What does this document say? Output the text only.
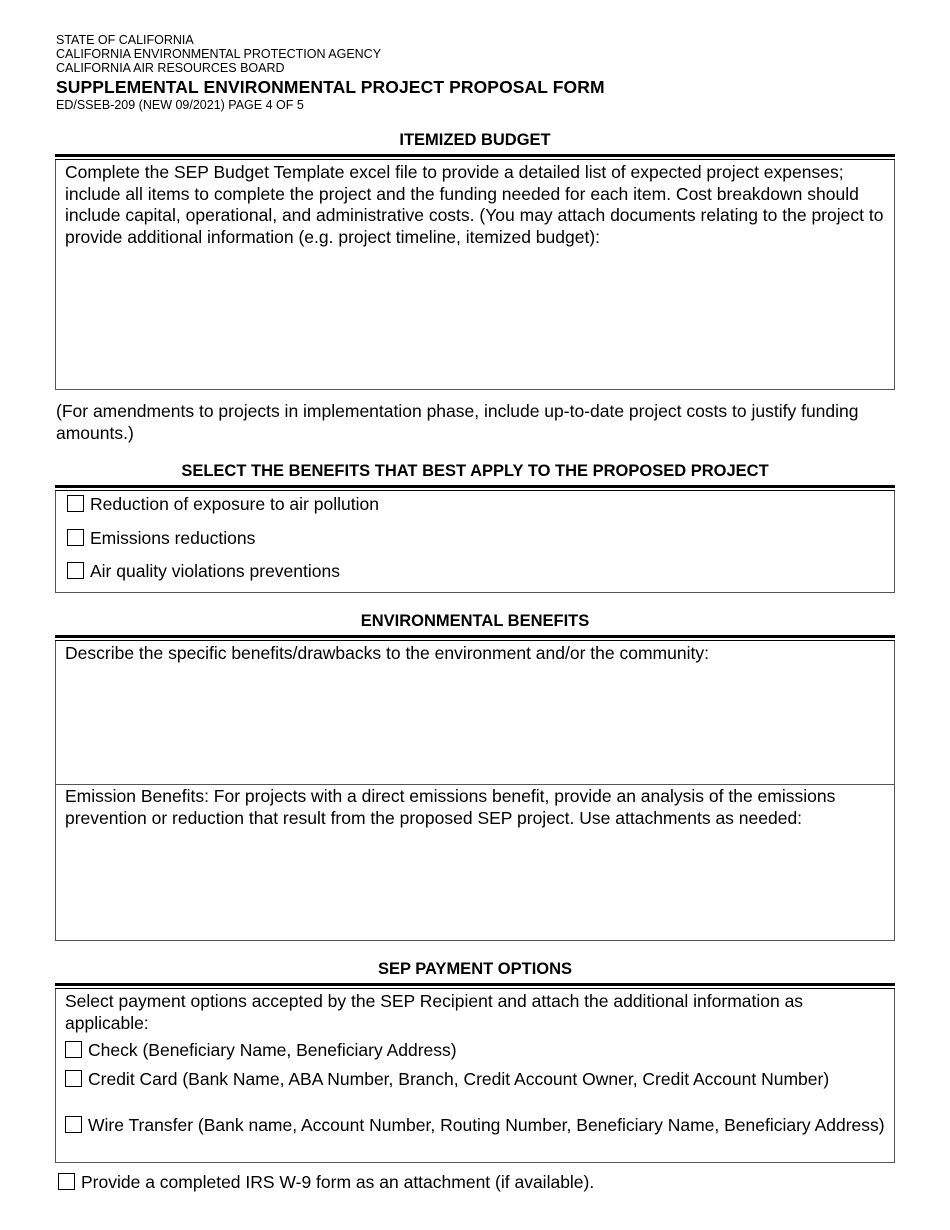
STATE OF CALIFORNIA
CALIFORNIA ENVIRONMENTAL PROTECTION AGENCY
CALIFORNIA AIR RESOURCES BOARD
SUPPLEMENTAL ENVIRONMENTAL PROJECT PROPOSAL FORM
ED/SSEB-209 (NEW 09/2021) PAGE 4 OF 5
ITEMIZED BUDGET
Complete the SEP Budget Template excel file to provide a detailed list of expected project expenses; include all items to complete the project and the funding needed for each item. Cost breakdown should include capital, operational, and administrative costs. (You may attach documents relating to the project to provide additional information (e.g. project timeline, itemized budget):
(For amendments to projects in implementation phase, include up-to-date project costs to justify funding amounts.)
SELECT THE BENEFITS THAT BEST APPLY TO THE PROPOSED PROJECT
Reduction of exposure to air pollution
Emissions reductions
Air quality violations preventions
ENVIRONMENTAL BENEFITS
Describe the specific benefits/drawbacks to the environment and/or the community:
Emission Benefits: For projects with a direct emissions benefit, provide an analysis of the emissions prevention or reduction that result from the proposed SEP project. Use attachments as needed:
SEP PAYMENT OPTIONS
Select payment options accepted by the SEP Recipient and attach the additional information as applicable:
Check (Beneficiary Name, Beneficiary Address)
Credit Card (Bank Name, ABA Number, Branch, Credit Account Owner, Credit Account Number)
Wire Transfer (Bank name, Account Number, Routing Number, Beneficiary Name, Beneficiary Address)
Provide a completed IRS W-9 form as an attachment (if available).
